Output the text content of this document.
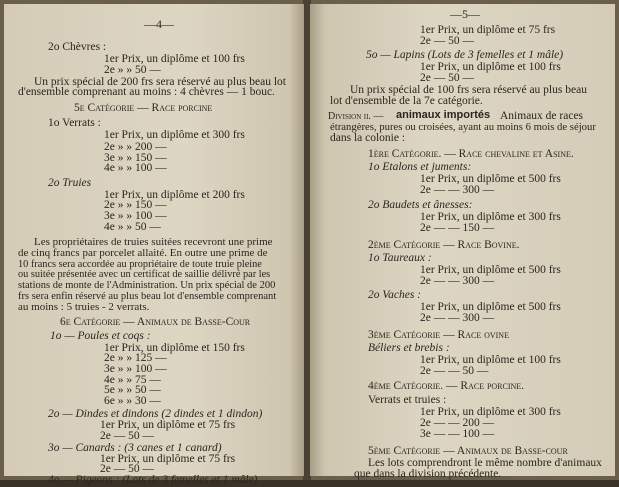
—4—
2o Chèvres :
1er Prix, un diplôme et 100 frs
2e » » 50 —
Un prix spécial de 200 frs sera réservé au plus beau lot
d'ensemble comprenant au moins : 4 chèvres — 1 bouc.
5e Catégorie — Race porcine
1o Verrats :
1er Prix, un diplôme et 300 frs
2e » » 200 —
3e » » 150 —
4e » » 100 —
2o Truies
1er Prix, un diplôme et 200 frs
2e » » 150 —
3e » » 100 —
4e » » 50 —
Les propriétaires de truies suitées recevront une prime
de cinq francs par porcelet allaité. En outre une prime de
10 francs sera accordée au propriétaire de toute truie pleine
ou suitée présentée avec un certificat de saillie délivré par les
stations de monte de l'Administration. Un prix spécial de 200
frs sera enfin réservé au plus beau lot d'ensemble comprenant
au moins : 5 truies - 2 verrats.
6e Catégorie — Animaux de Basse-Cour
1o — Poules et coqs :
1er Prix, un diplôme et 150 frs
2e » » 125 —
3e » » 100 —
4e » » 75 —
5e » » 50 —
6e » » 30 —
2o — Dindes et dindons (2 dindes et 1 dindon)
1er Prix, un diplôme et 75 frs
2e — 50 —
3o — Canards : (3 canes et 1 canard)
1er Prix, un diplôme et 75 frs
2e — 50 —
4o — Pigeons : (Lots de 3 femelles et 1 mâle)
—5—
1er Prix, un diplôme et 75 frs
2e — 50 —
5o — Lapins (Lots de 3 femelles et 1 mâle)
1er Prix, un diplôme et 100 frs
2e — 50 —
Un prix spécial de 100 frs sera réservé au plus beau
lot d'ensemble de la 7e catégorie.
Division ii. — animaux importés Animaux de races
étrangères, pures ou croisées, ayant au moins 6 mois de séjour
dans la colonie :
1ère Catégorie. — Race chevaline et Asine.
1o Etalons et juments:
1er Prix, un diplôme et 500 frs
2e — — 300 —
2o Baudets et ânesses:
1er Prix, un diplôme et 300 frs
2e — — 150 —
2ème Catégorie — Race Bovine.
1o Taureaux :
1er Prix, un diplôme et 500 frs
2e — — 300 —
2o Vaches :
1er Prix, un diplôme et 500 frs
2e — — 300 —
3ème Catégorie — Race ovine
Béliers et brebis :
1er Prix, un diplôme et 100 frs
2e — — 50 —
4ème Catégorie. — Race porcine.
Verrats et truies :
1er Prix, un diplôme et 300 frs
2e — — 200 —
3e — — 100 —
5ème Catégorie — Animaux de Basse-cour
Les lots comprendront le même nombre d'animaux
que dans la division précédente.
